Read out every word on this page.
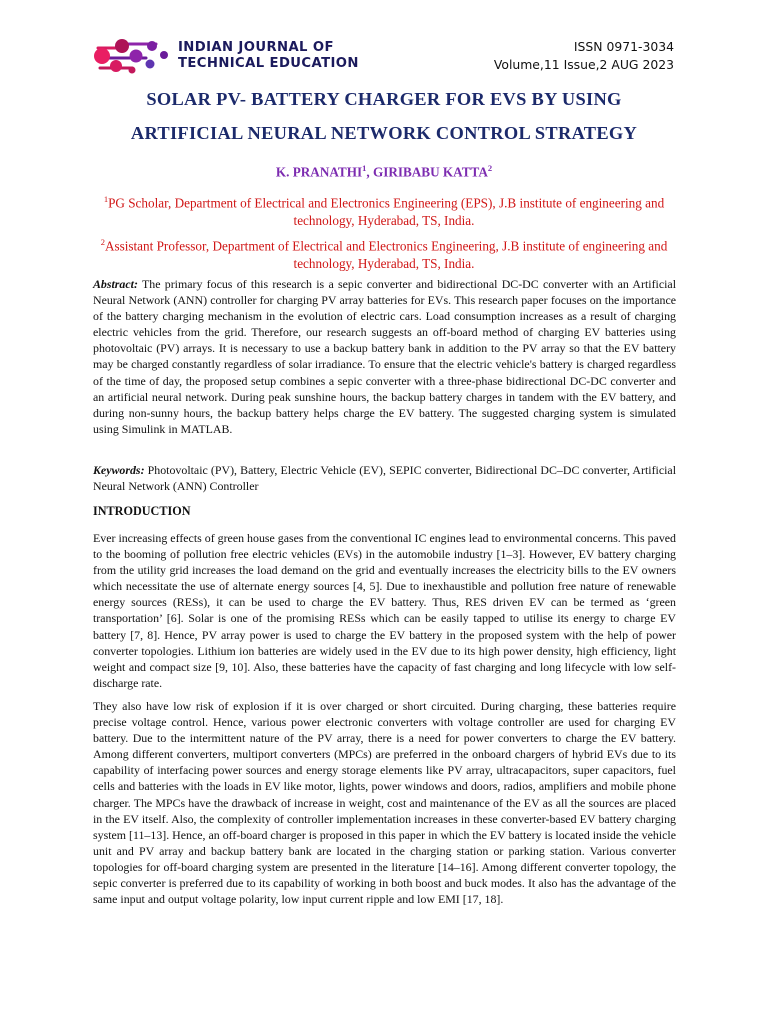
INDIAN JOURNAL OF
TECHNICAL EDUCATION
ISSN 0971-3034
Volume,11 Issue,2 AUG 2023
SOLAR PV- BATTERY CHARGER FOR EVS BY USING
ARTIFICIAL NEURAL NETWORK CONTROL STRATEGY
K. PRANATHI$^1$, GIRIBABU KATTA$^2$
$^1$PG Scholar, Department of Electrical and Electronics Engineering (EPS), J.B institute of engineering and technology, Hyderabad, TS, India.
$^2$Assistant Professor, Department of Electrical and Electronics Engineering, J.B institute of engineering and technology, Hyderabad, TS, India.
Abstract: The primary focus of this research is a sepic converter and bidirectional DC-DC converter with an Artificial Neural Network (ANN) controller for charging PV array batteries for EVs. This research paper focuses on the importance of the battery charging mechanism in the evolution of electric cars. Load consumption increases as a result of charging electric vehicles from the grid. Therefore, our research suggests an off-board method of charging EV batteries using photovoltaic (PV) arrays. It is necessary to use a backup battery bank in addition to the PV array so that the EV battery may be charged constantly regardless of solar irradiance. To ensure that the electric vehicle's battery is charged regardless of the time of day, the proposed setup combines a sepic converter with a three-phase bidirectional DC-DC converter and an artificial neural network. During peak sunshine hours, the backup battery charges in tandem with the EV battery, and during non-sunny hours, the backup battery helps charge the EV battery. The suggested charging system is simulated using Simulink in MATLAB.
Keywords: Photovoltaic (PV), Battery, Electric Vehicle (EV), SEPIC converter, Bidirectional DC–DC converter, Artificial Neural Network (ANN) Controller
INTRODUCTION
Ever increasing effects of green house gases from the conventional IC engines lead to environmental concerns. This paved to the booming of pollution free electric vehicles (EVs) in the automobile industry [1–3]. However, EV battery charging from the utility grid increases the load demand on the grid and eventually increases the electricity bills to the EV owners which necessitate the use of alternate energy sources [4, 5]. Due to inexhaustible and pollution free nature of renewable energy sources (RESs), it can be used to charge the EV battery. Thus, RES driven EV can be termed as ‘green transportation’ [6]. Solar is one of the promising RESs which can be easily tapped to utilise its energy to charge EV battery [7, 8]. Hence, PV array power is used to charge the EV battery in the proposed system with the help of power converter topologies. Lithium ion batteries are widely used in the EV due to its high power density, high efficiency, light weight and compact size [9, 10]. Also, these batteries have the capacity of fast charging and long lifecycle with low self-discharge rate.
They also have low risk of explosion if it is over charged or short circuited. During charging, these batteries require precise voltage control. Hence, various power electronic converters with voltage controller are used for charging EV battery. Due to the intermittent nature of the PV array, there is a need for power converters to charge the EV battery. Among different converters, multiport converters (MPCs) are preferred in the onboard chargers of hybrid EVs due to its capability of interfacing power sources and energy storage elements like PV array, ultracapacitors, super capacitors, fuel cells and batteries with the loads in EV like motor, lights, power windows and doors, radios, amplifiers and mobile phone charger. The MPCs have the drawback of increase in weight, cost and maintenance of the EV as all the sources are placed in the EV itself. Also, the complexity of controller implementation increases in these converter-based EV battery charging system [11–13]. Hence, an off-board charger is proposed in this paper in which the EV battery is located inside the vehicle unit and PV array and backup battery bank are located in the charging station or parking station. Various converter topologies for off-board charging system are presented in the literature [14–16]. Among different converter topology, the sepic converter is preferred due to its capability of working in both boost and buck modes. It also has the advantage of the same input and output voltage polarity, low input current ripple and low EMI [17, 18].
